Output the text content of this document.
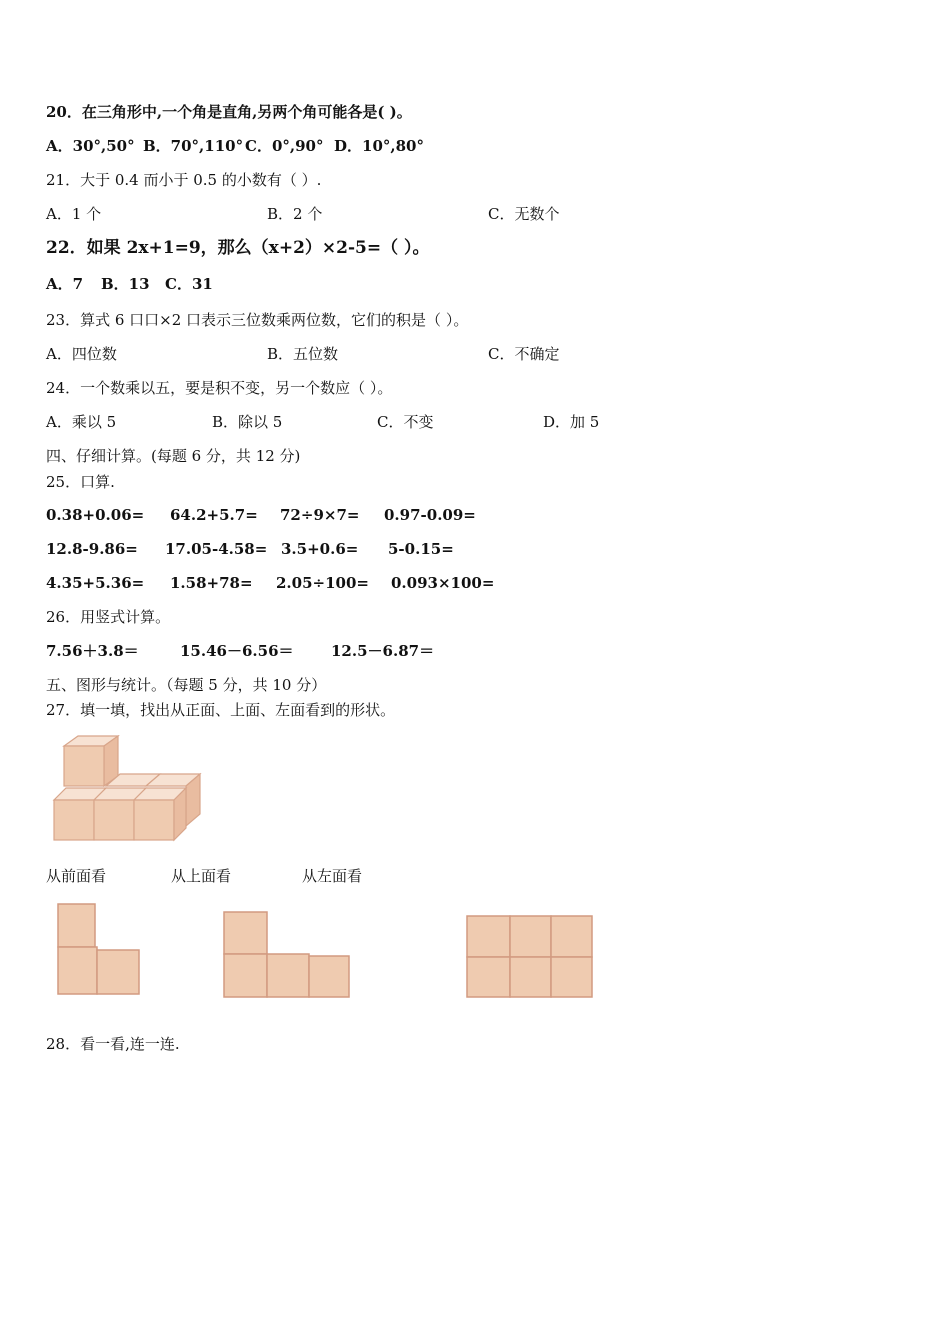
20．在三角形中,一个角是直角,另两个角可能各是( )。
A．30°,50° B．70°,110° C．0°,90° D．10°,80°
21．大于 0.4 而小于 0.5 的小数有（ ）.
A．1 个	B．2 个	C．无数个
22．如果 2x+1=9，那么（x+2）×2-5=（ ）。
A．7 B．13 C．31
23．算式 6 口口×2 口表示三位数乘两位数，它们的积是（ ）。
A．四位数	B．五位数	C．不确定
24．一个数乘以五，要是积不变，另一个数应（ ）。
A．乘以 5	B．除以 5	C．不变	D．加 5
四、仔细计算。(每题 6 分，共 12 分)
25．口算.
0.38+0.06= 64.2+5.7= 72÷9×7= 0.97-0.09=
12.8-9.86= 17.05-4.58= 3.5+0.6= 5-0.15=
4.35+5.36= 1.58+78= 2.05÷100= 0.093×100=
26．用竖式计算。
7.56＋3.8＝	15.46－6.56＝ 12.5－6.87＝
五、图形与统计。（每题 5 分，共 10 分）
27．填一填，找出从正面、上面、左面看到的形状。
从前面看	从上面看	从左面看
28．看一看,连一连.
